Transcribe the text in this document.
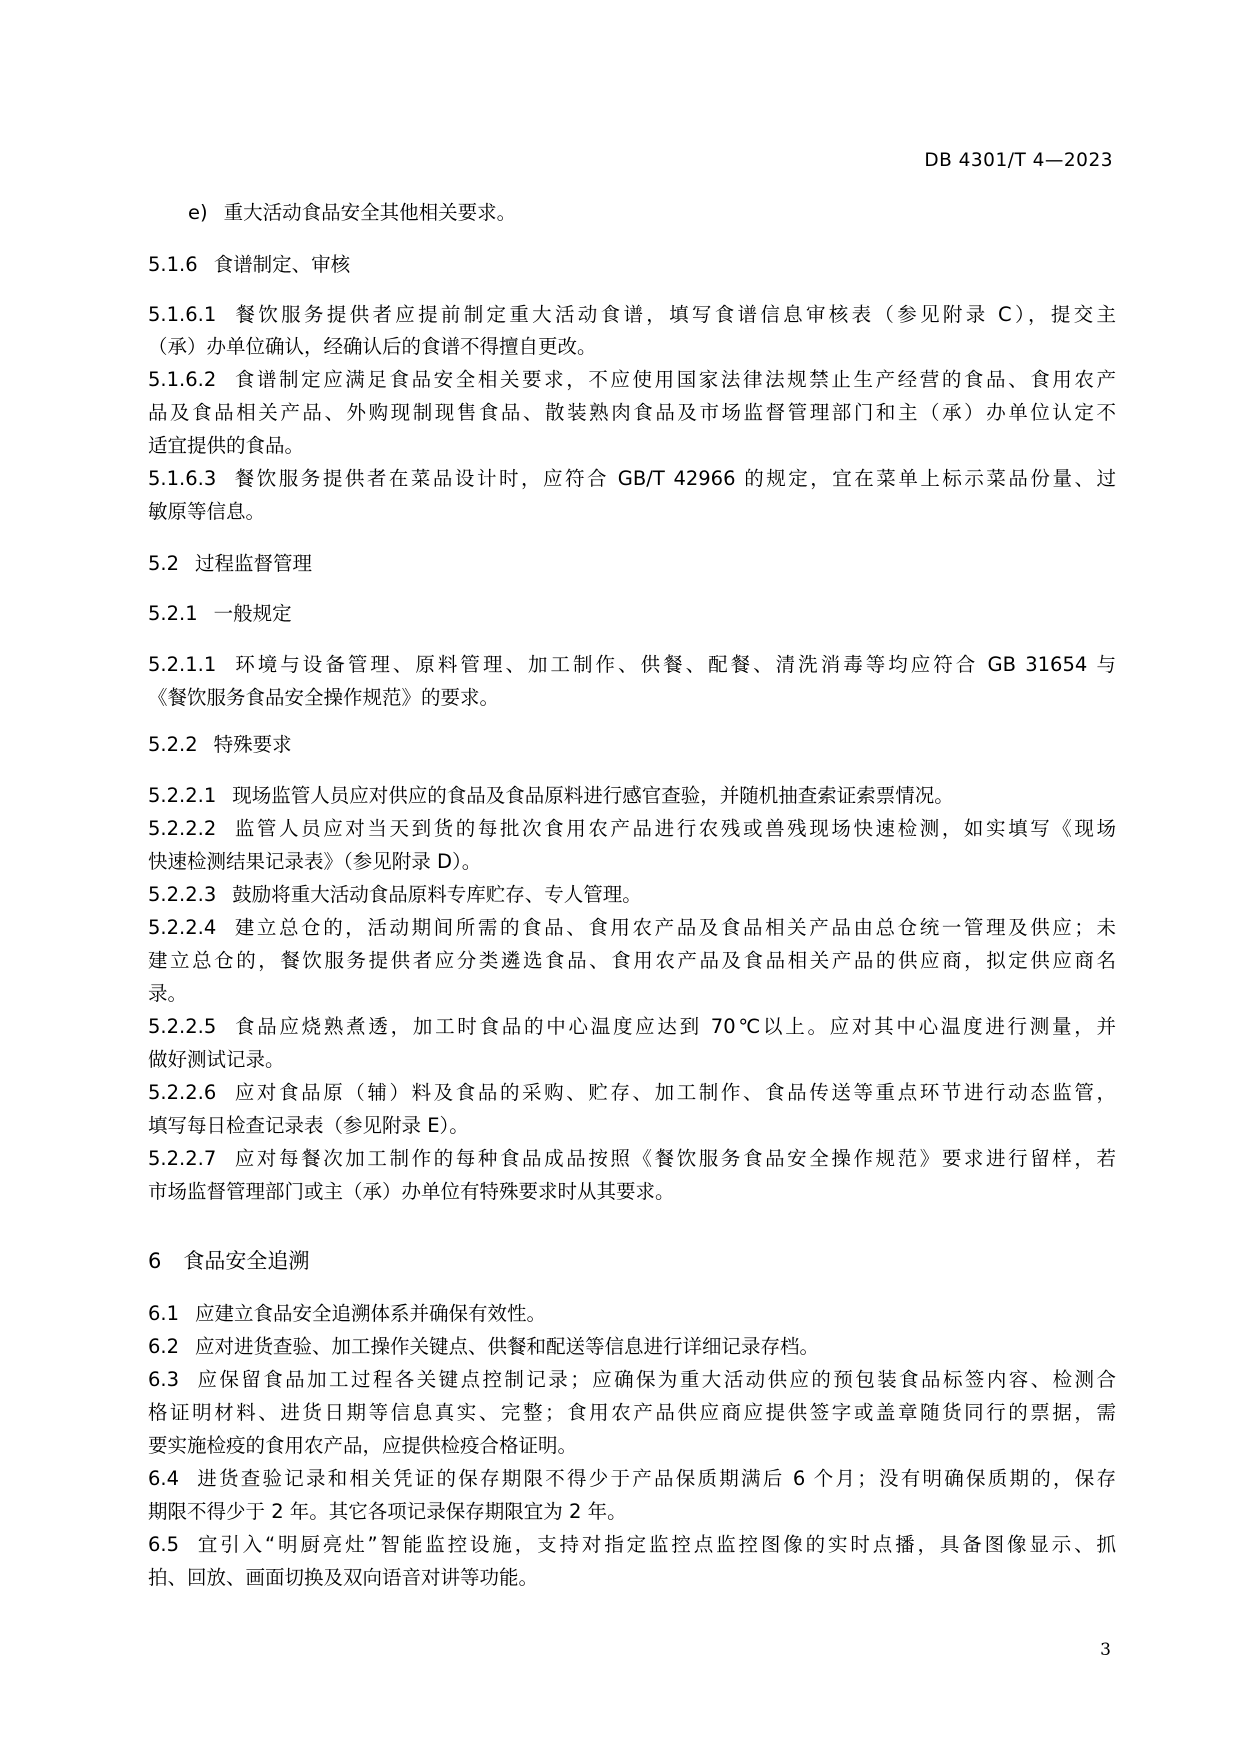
DB 4301/T 4—2023
e) 重大活动食品安全其他相关要求。
5.1.6 食谱制定、审核
5.1.6.1 餐饮服务提供者应提前制定重大活动食谱，填写食谱信息审核表（参见附录 C），提交主
（承）办单位确认，经确认后的食谱不得擅自更改。
5.1.6.2 食谱制定应满足食品安全相关要求，不应使用国家法律法规禁止生产经营的食品、食用农产
品及食品相关产品、外购现制现售食品、散装熟肉食品及市场监督管理部门和主（承）办单位认定不
适宜提供的食品。
5.1.6.3 餐饮服务提供者在菜品设计时，应符合 GB/T 42966 的规定，宜在菜单上标示菜品份量、过
敏原等信息。
5.2 过程监督管理
5.2.1 一般规定
5.2.1.1 环境与设备管理、原料管理、加工制作、供餐、配餐、清洗消毒等均应符合 GB 31654 与
《餐饮服务食品安全操作规范》的要求。
5.2.2 特殊要求
5.2.2.1 现场监管人员应对供应的食品及食品原料进行感官查验，并随机抽查索证索票情况。
5.2.2.2 监管人员应对当天到货的每批次食用农产品进行农残或兽残现场快速检测，如实填写《现场
快速检测结果记录表》（参见附录 D）。
5.2.2.3 鼓励将重大活动食品原料专库贮存、专人管理。
5.2.2.4 建立总仓的，活动期间所需的食品、食用农产品及食品相关产品由总仓统一管理及供应；未
建立总仓的，餐饮服务提供者应分类遴选食品、食用农产品及食品相关产品的供应商，拟定供应商名
录。
5.2.2.5 食品应烧熟煮透，加工时食品的中心温度应达到 70℃以上。应对其中心温度进行测量，并
做好测试记录。
5.2.2.6 应对食品原（辅）料及食品的采购、贮存、加工制作、食品传送等重点环节进行动态监管，
填写每日检查记录表（参见附录 E）。
5.2.2.7 应对每餐次加工制作的每种食品成品按照《餐饮服务食品安全操作规范》要求进行留样，若
市场监督管理部门或主（承）办单位有特殊要求时从其要求。
6 食品安全追溯
6.1 应建立食品安全追溯体系并确保有效性。
6.2 应对进货查验、加工操作关键点、供餐和配送等信息进行详细记录存档。
6.3 应保留食品加工过程各关键点控制记录；应确保为重大活动供应的预包装食品标签内容、检测合
格证明材料、进货日期等信息真实、完整；食用农产品供应商应提供签字或盖章随货同行的票据，需
要实施检疫的食用农产品，应提供检疫合格证明。
6.4 进货查验记录和相关凭证的保存期限不得少于产品保质期满后 6 个月；没有明确保质期的，保存
期限不得少于 2 年。其它各项记录保存期限宜为 2 年。
6.5 宜引入“明厨亮灶”智能监控设施，支持对指定监控点监控图像的实时点播，具备图像显示、抓
拍、回放、画面切换及双向语音对讲等功能。
3
